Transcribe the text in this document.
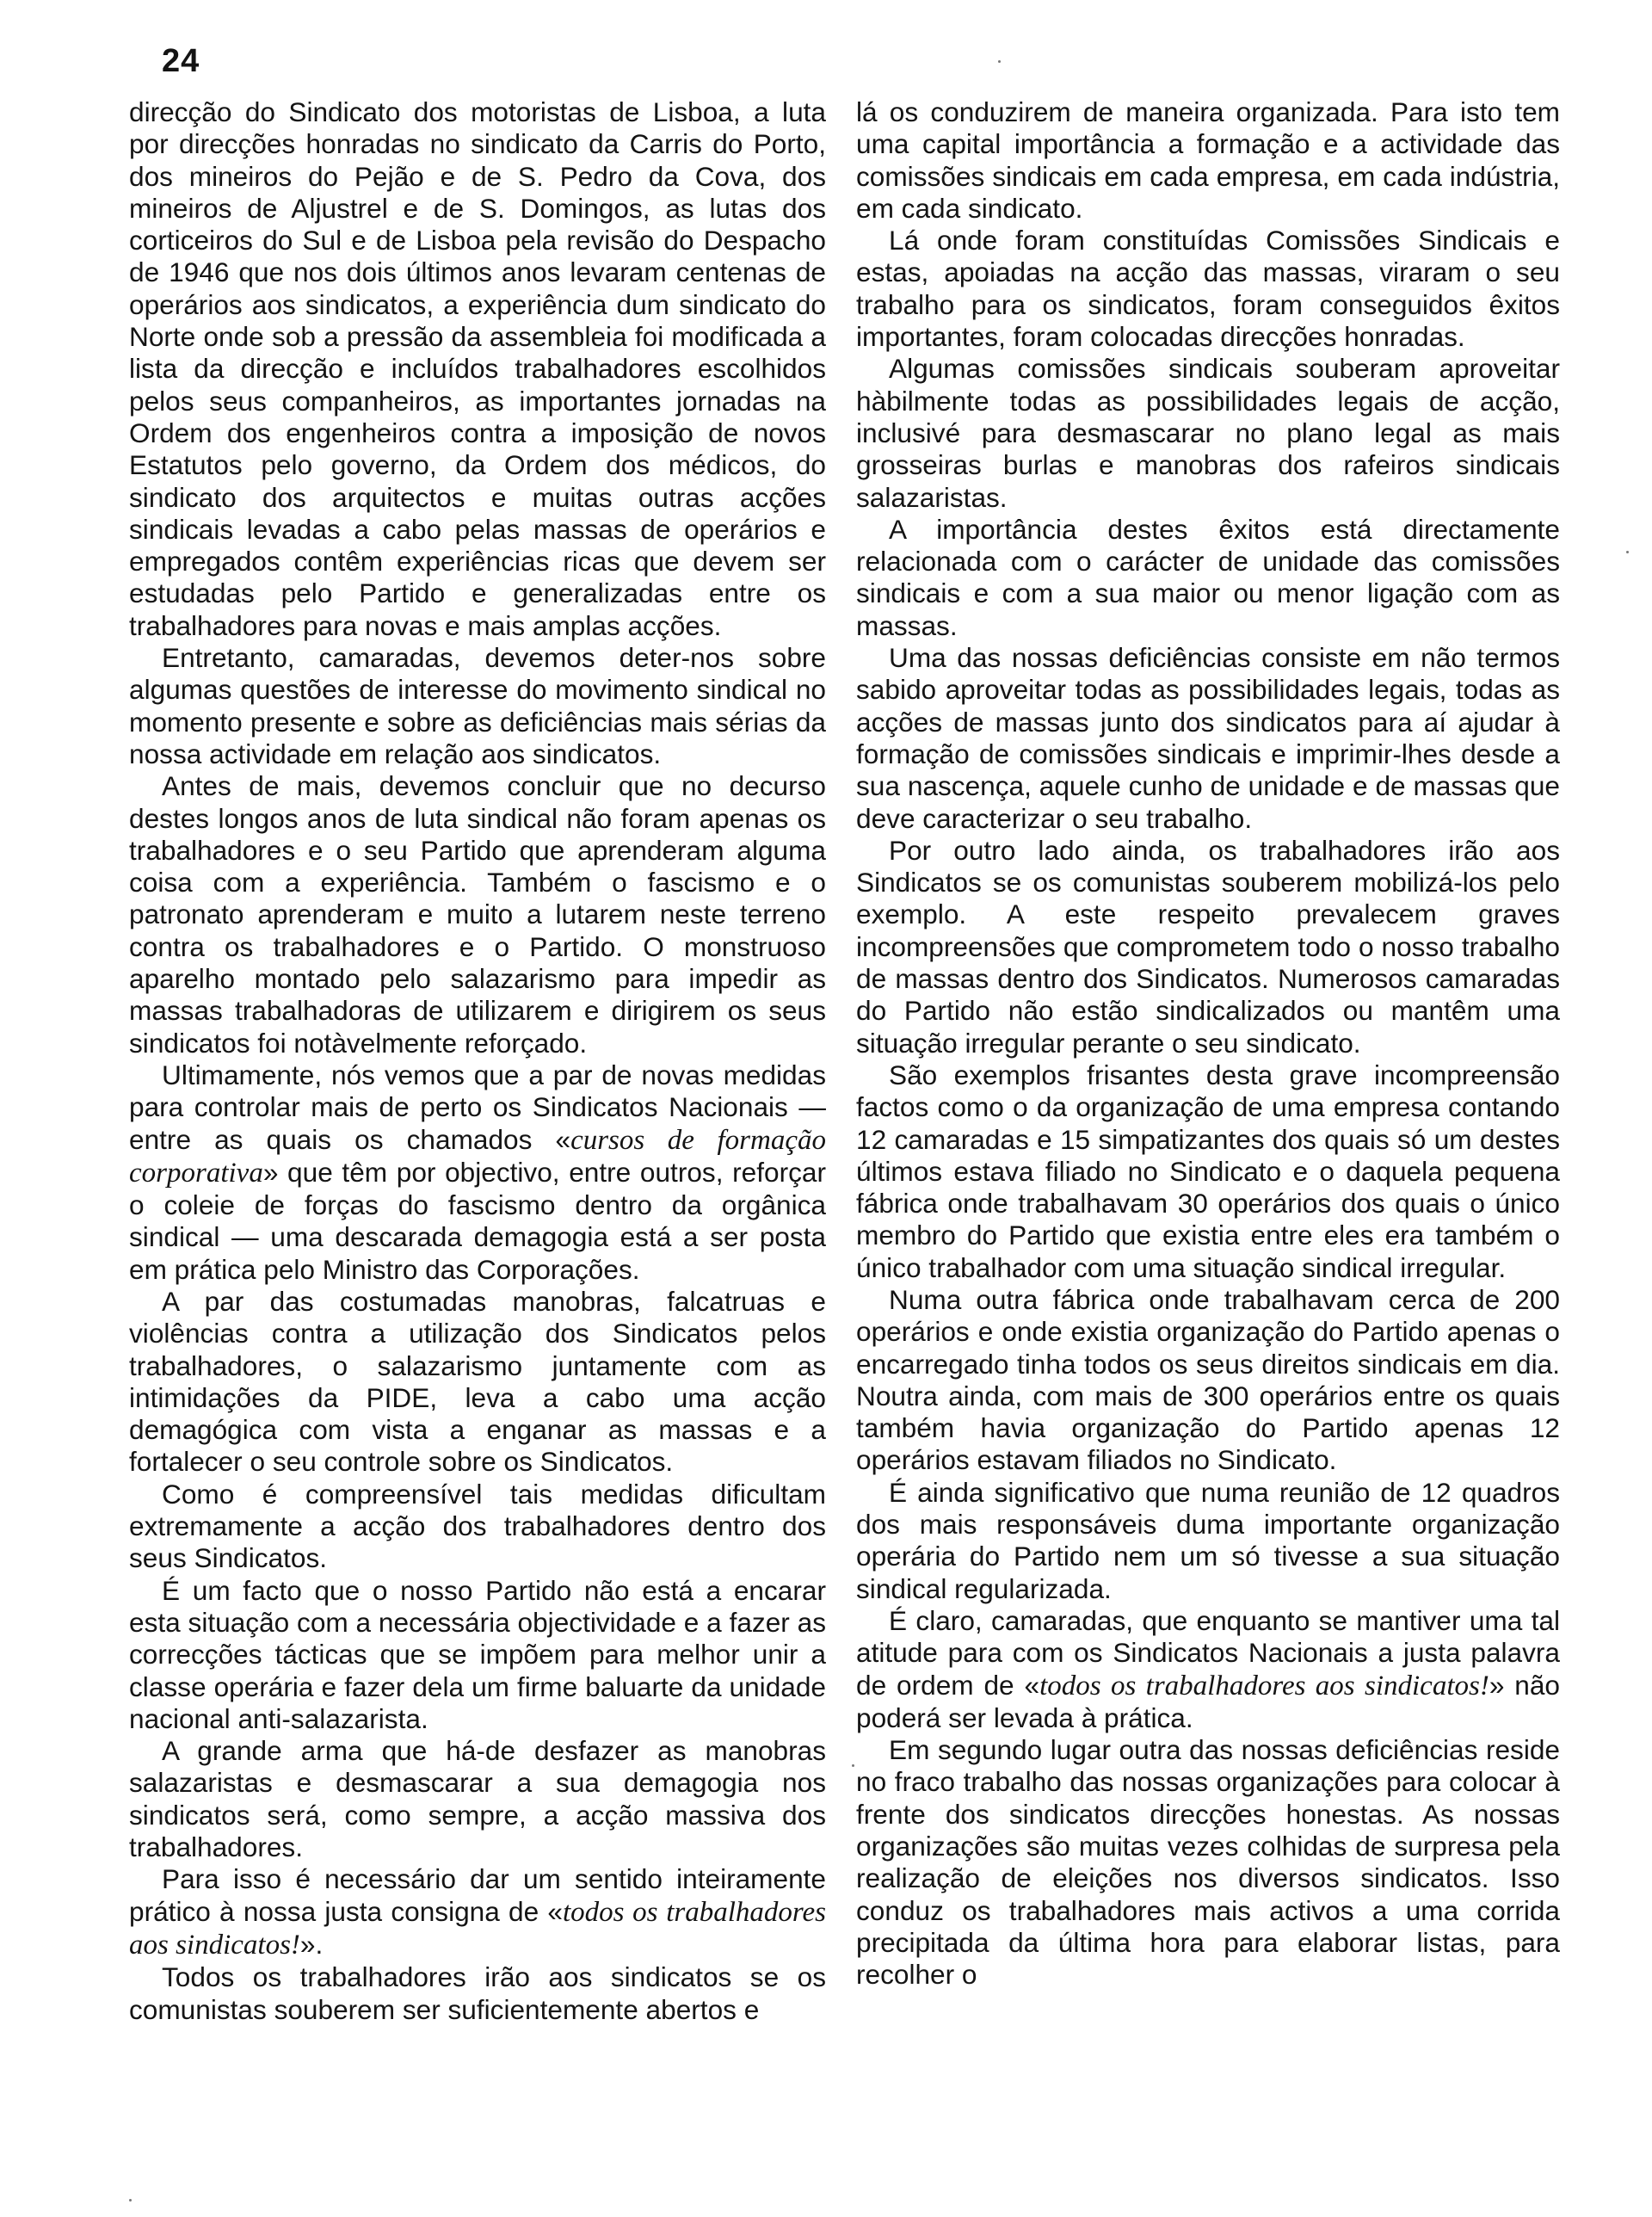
24

direcção do Sindicato dos motoristas de Lisboa, a luta por direcções honradas no sindicato da Carris do Porto, dos mineiros do Pejão e de S. Pedro da Cova, dos mineiros de Aljustrel e de S. Domingos, as lutas dos corticeiros do Sul e de Lisboa pela revisão do Despacho de 1946 que nos dois últimos anos levaram centenas de operários aos sindicatos, a experiência dum sindicato do Norte onde sob a pressão da assembleia foi modificada a lista da direcção e incluídos trabalhadores escolhidos pelos seus companheiros, as importantes jornadas na Ordem dos engenheiros contra a imposição de novos Estatutos pelo governo, da Ordem dos médicos, do sindicato dos arquitectos e muitas outras acções sindicais levadas a cabo pelas massas de operários e empregados contêm experiências ricas que devem ser estudadas pelo Partido e generalizadas entre os trabalhadores para novas e mais amplas acções.

Entretanto, camaradas, devemos deter-nos sobre algumas questões de interesse do movimento sindical no momento presente e sobre as deficiências mais sérias da nossa actividade em relação aos sindicatos.

Antes de mais, devemos concluir que no decurso destes longos anos de luta sindical não foram apenas os trabalhadores e o seu Partido que aprenderam alguma coisa com a experiência. Também o fascismo e o patronato aprenderam e muito a lutarem neste terreno contra os trabalhadores e o Partido. O monstruoso aparelho montado pelo salazarismo para impedir as massas trabalhadoras de utilizarem e dirigirem os seus sindicatos foi notàvelmente reforçado.

Ultimamente, nós vemos que a par de novas medidas para controlar mais de perto os Sindicatos Nacionais — entre as quais os chamados «cursos de formação corporativa» que têm por objectivo, entre outros, reforçar o coleie de forças do fascismo dentro da orgânica sindical — uma descarada demagogia está a ser posta em prática pelo Ministro das Corporações.

A par das costumadas manobras, falcatruas e violências contra a utilização dos Sindicatos pelos trabalhadores, o salazarismo juntamente com as intimidações da PIDE, leva a cabo uma acção demagógica com vista a enganar as massas e a fortalecer o seu controle sobre os Sindicatos.

Como é compreensível tais medidas dificultam extremamente a acção dos trabalhadores dentro dos seus Sindicatos.

É um facto que o nosso Partido não está a encarar esta situação com a necessária objectividade e a fazer as correcções tácticas que se impõem para melhor unir a classe operária e fazer dela um firme baluarte da unidade nacional anti-salazarista.

A grande arma que há-de desfazer as manobras salazaristas e desmascarar a sua demagogia nos sindicatos será, como sempre, a acção massiva dos trabalhadores.

Para isso é necessário dar um sentido inteiramente prático à nossa justa consigna de «todos os trabalhadores aos sindicatos!».

Todos os trabalhadores irão aos sindicatos se os comunistas souberem ser suficientemente abertos e

lá os conduzirem de maneira organizada. Para isto tem uma capital importância a formação e a actividade das comissões sindicais em cada empresa, em cada indústria, em cada sindicato.

Lá onde foram constituídas Comissões Sindicais e estas, apoiadas na acção das massas, viraram o seu trabalho para os sindicatos, foram conseguidos êxitos importantes, foram colocadas direcções honradas.

Algumas comissões sindicais souberam aproveitar hàbilmente todas as possibilidades legais de acção, inclusivé para desmascarar no plano legal as mais grosseiras burlas e manobras dos rafeiros sindicais salazaristas.

A importância destes êxitos está directamente relacionada com o carácter de unidade das comissões sindicais e com a sua maior ou menor ligação com as massas.

Uma das nossas deficiências consiste em não termos sabido aproveitar todas as possibilidades legais, todas as acções de massas junto dos sindicatos para aí ajudar à formação de comissões sindicais e imprimir-lhes desde a sua nascença, aquele cunho de unidade e de massas que deve caracterizar o seu trabalho.

Por outro lado ainda, os trabalhadores irão aos Sindicatos se os comunistas souberem mobilizá-los pelo exemplo. A este respeito prevalecem graves incompreensões que comprometem todo o nosso trabalho de massas dentro dos Sindicatos. Numerosos camaradas do Partido não estão sindicalizados ou mantêm uma situação irregular perante o seu sindicato.

São exemplos frisantes desta grave incompreensão factos como o da organização de uma empresa contando 12 camaradas e 15 simpatizantes dos quais só um destes últimos estava filiado no Sindicato e o daquela pequena fábrica onde trabalhavam 30 operários dos quais o único membro do Partido que existia entre eles era também o único trabalhador com uma situação sindical irregular.

Numa outra fábrica onde trabalhavam cerca de 200 operários e onde existia organização do Partido apenas o encarregado tinha todos os seus direitos sindicais em dia. Noutra ainda, com mais de 300 operários entre os quais também havia organização do Partido apenas 12 operários estavam filiados no Sindicato.

É ainda significativo que numa reunião de 12 quadros dos mais responsáveis duma importante organização operária do Partido nem um só tivesse a sua situação sindical regularizada.

É claro, camaradas, que enquanto se mantiver uma tal atitude para com os Sindicatos Nacionais a justa palavra de ordem de «todos os trabalhadores aos sindicatos!» não poderá ser levada à prática.

Em segundo lugar outra das nossas deficiências reside no fraco trabalho das nossas organizações para colocar à frente dos sindicatos direcções honestas. As nossas organizações são muitas vezes colhidas de surpresa pela realização de eleições nos diversos sindicatos. Isso conduz os trabalhadores mais activos a uma corrida precipitada da última hora para elaborar listas, para recolher o
